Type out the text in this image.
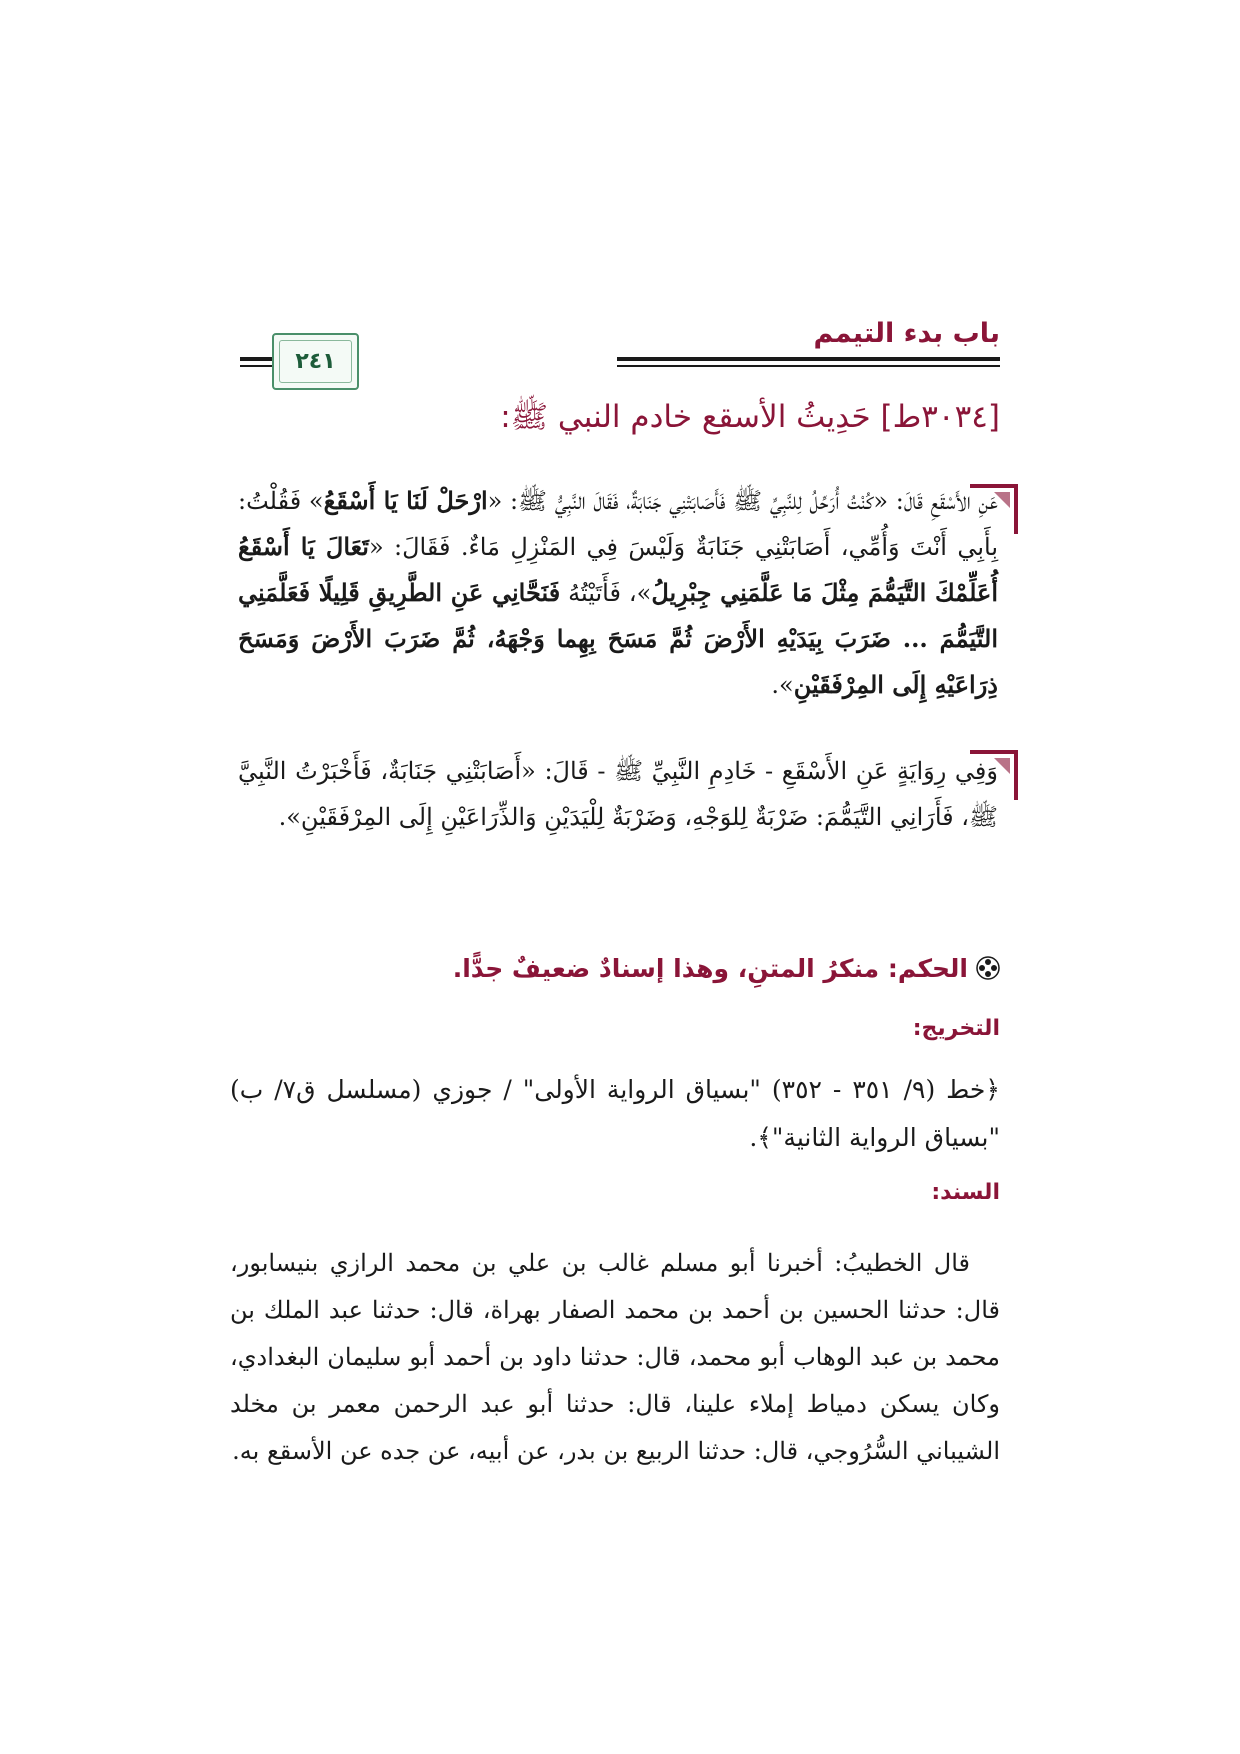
باب بدء التيمم
٢٤١
[٣٠٣٤ط] حَدِيثُ الأسقع خادم النبي ﷺ:

عَنِ الأَسْقَعِ قَالَ: «كُنْتُ أُرَحِّلُ لِلنَّبِيِّ ﷺ فَأَصَابَتْنِي جَنَابَةٌ، فَقَالَ النَّبِيُّ ﷺ: «ارْحَلْ لَنَا يَا أَسْقَعُ» فَقُلْتُ: بِأَبِي أَنْتَ وَأُمِّي، أَصَابَتْنِي جَنَابَةٌ وَلَيْسَ فِي المَنْزِلِ مَاءٌ. فَقَالَ: «تَعَالَ يَا أَسْقَعُ أُعَلِّمْكَ التَّيَمُّمَ مِثْلَ مَا عَلَّمَنِي جِبْرِيلُ»، فَأَتَيْتُهُ فَنَحَّانِي عَنِ الطَّرِيقِ قَلِيلًا فَعَلَّمَنِي التَّيَمُّمَ ... ضَرَبَ بِيَدَيْهِ الأَرْضَ ثُمَّ مَسَحَ بِهِما وَجْهَهُ، ثُمَّ ضَرَبَ الأَرْضَ وَمَسَحَ ذِرَاعَيْهِ إِلَى المِرْفَقَيْنِ».

وَفِي رِوَايَةٍ عَنِ الأَسْقَعِ - خَادِمِ النَّبِيِّ ﷺ - قَالَ: «أَصَابَتْنِي جَنَابَةٌ، فَأَخْبَرْتُ النَّبِيَّ ﷺ، فَأَرَانِي التَّيَمُّمَ: ضَرْبَةٌ لِلوَجْهِ، وَضَرْبَةٌ لِلْيَدَيْنِ وَالذِّرَاعَيْنِ إِلَى المِرْفَقَيْنِ».

الحكم: منكرُ المتنِ، وهذا إسنادٌ ضعيفٌ جدًّا.

التخريج:

﴿خط (٩/ ٣٥١ - ٣٥٢) "بسياق الرواية الأولى" / جوزي (مسلسل ق٧/ ب) "بسياق الرواية الثانية"﴾.

السند:

قال الخطيبُ: أخبرنا أبو مسلم غالب بن علي بن محمد الرازي بنيسابور، قال: حدثنا الحسين بن أحمد بن محمد الصفار بهراة، قال: حدثنا عبد الملك بن محمد بن عبد الوهاب أبو محمد، قال: حدثنا داود بن أحمد أبو سليمان البغدادي، وكان يسكن دمياط إملاء علينا، قال: حدثنا أبو عبد الرحمن معمر بن مخلد الشيباني السُّرُوجي، قال: حدثنا الربيع بن بدر، عن أبيه، عن جده عن الأسقع به.
